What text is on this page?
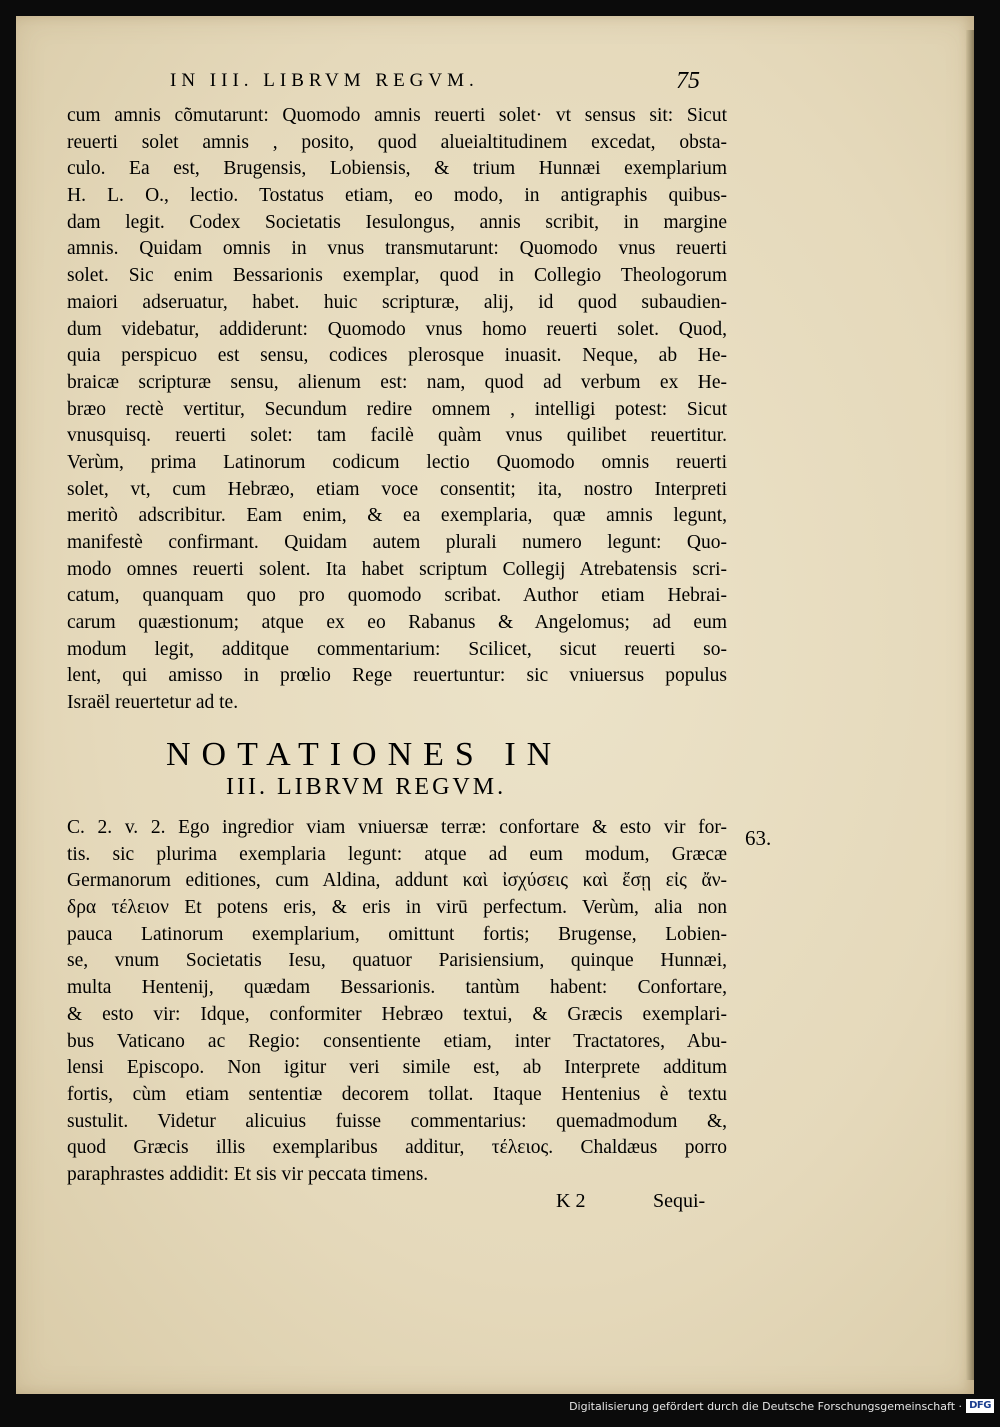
IN III. LIBRVM REGVM.	75
cum amnis cõmutarunt: Quomodo amnis reuerti solet· vt sensus sit: Sicut
reuerti solet amnis , posito, quod alueialtitudinem excedat, obsta-
culo. Ea est, Brugensis, Lobiensis, & trium Hunnæi exemplarium
H. L. O., lectio. Tostatus etiam, eo modo, in antigraphis quibus-
dam legit. Codex Societatis Iesulongus, annis scribit, in margine
amnis. Quidam omnis in vnus transmutarunt: Quomodo vnus reuerti
solet. Sic enim Bessarionis exemplar, quod in Collegio Theologorum
maiori adseruatur, habet. huic scripturæ, alij, id quod subaudien-
dum videbatur, addiderunt: Quomodo vnus homo reuerti solet. Quod,
quia perspicuo est sensu, codices plerosque inuasit. Neque, ab He-
braicæ scripturæ sensu, alienum est: nam, quod ad verbum ex He-
bræo rectè vertitur, Secundum redire omnem , intelligi potest: Sicut
vnusquisq. reuerti solet: tam facilè quàm vnus quilibet reuertitur.
Verùm, prima Latinorum codicum lectio Quomodo omnis reuerti
solet, vt, cum Hebræo, etiam voce consentit; ita, nostro Interpreti
meritò adscribitur. Eam enim, & ea exemplaria, quæ amnis legunt,
manifestè confirmant. Quidam autem plurali numero legunt: Quo-
modo omnes reuerti solent. Ita habet scriptum Collegij Atrebatensis scri-
catum, quanquam quo pro quomodo scribat. Author etiam Hebrai-
carum quæstionum; atque ex eo Rabanus & Angelomus; ad eum
modum legit, additque commentarium: Scilicet, sicut reuerti so-
lent, qui amisso in prœlio Rege reuertuntur: sic vniuersus populus
Israël reuertetur ad te.
NOTATIONES IN
III. LIBRVM REGVM.
63.
C. 2. v. 2. Ego ingredior viam vniuersæ terræ: confortare & esto vir for-
tis. sic plurima exemplaria legunt: atque ad eum modum, Græcæ
Germanorum editiones, cum Aldina, addunt καὶ ἰσχύσεις καὶ ἔσῃ εἰς ἄν-
δρα τέλειον Et potens eris, & eris in virū perfectum. Verùm, alia non
pauca Latinorum exemplarium, omittunt fortis; Brugense, Lobien-
se, vnum Societatis Iesu, quatuor Parisiensium, quinque Hunnæi,
multa Hentenij, quædam Bessarionis. tantùm habent: Confortare,
& esto vir: Idque, conformiter Hebræo textui, & Græcis exemplari-
bus Vaticano ac Regio: consentiente etiam, inter Tractatores, Abu-
lensi Episcopo. Non igitur veri simile est, ab Interprete additum
fortis, cùm etiam sententiæ decorem tollat. Itaque Hentenius è textu
sustulit. Videtur alicuius fuisse commentarius: quemadmodum &,
quod Græcis illis exemplaribus additur, τέλειος. Chaldæus porro
paraphrastes addidit: Et sis vir peccata timens.
K 2	Sequi-
Digitalisierung gefördert durch die Deutsche Forschungsgemeinschaft · DFG
